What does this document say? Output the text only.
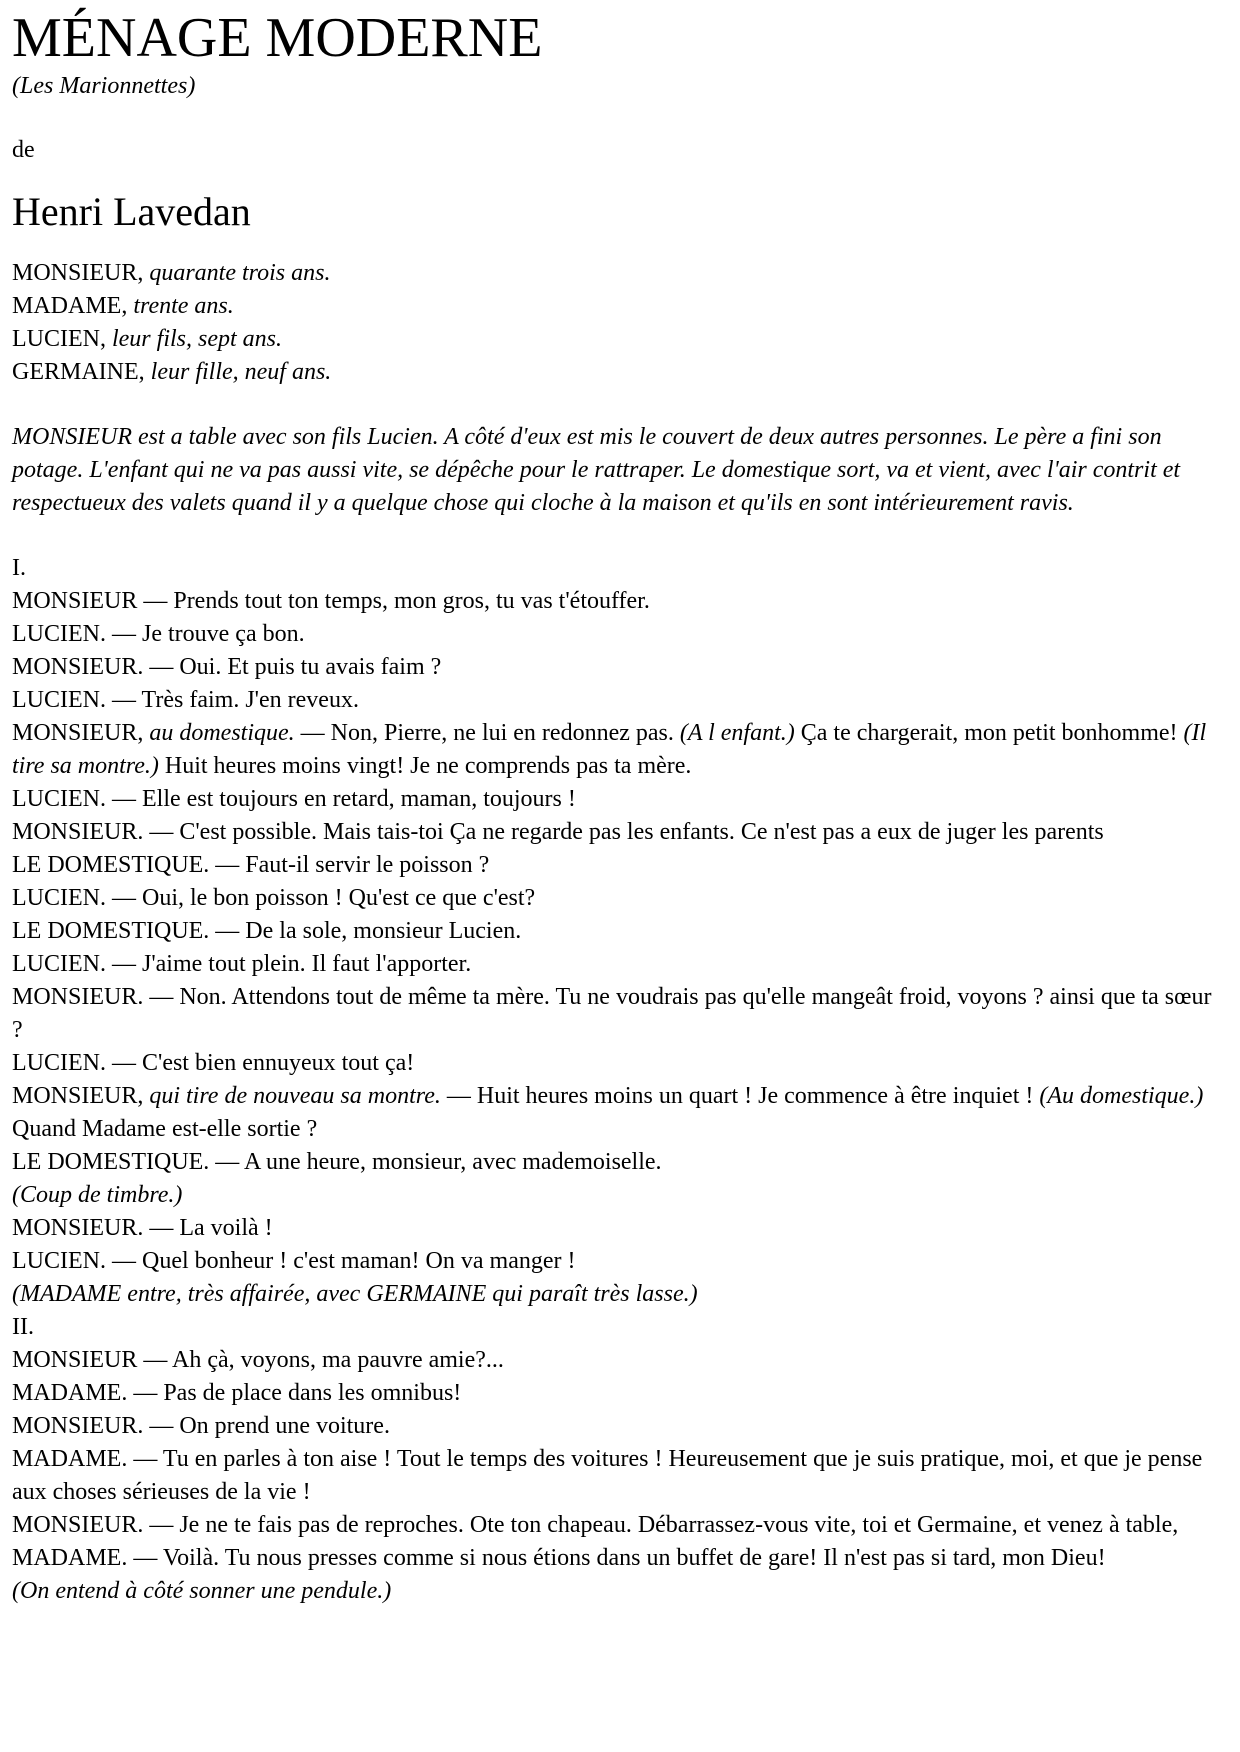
MÉNAGE MODERNE
(Les Marionnettes)
de
Henri Lavedan
MONSIEUR, quarante trois ans.
MADAME, trente ans.
LUCIEN, leur fils, sept ans.
GERMAINE, leur fille, neuf ans.
MONSIEUR est a table avec son fils Lucien. A côté d'eux est mis le couvert de deux autres personnes. Le père a fini son potage. L'enfant qui ne va pas aussi vite, se dépêche pour le rattraper. Le domestique sort, va et vient, avec l'air contrit et respectueux des valets quand il y a quelque chose qui cloche à la maison et qu'ils en sont intérieurement ravis.
I.
MONSIEUR — Prends tout ton temps, mon gros, tu vas t'étouffer.
LUCIEN. — Je trouve ça bon.
MONSIEUR. — Oui. Et puis tu avais faim ?
LUCIEN. — Très faim. J'en reveux.
MONSIEUR, au domestique. — Non, Pierre, ne lui en redonnez pas. (A l enfant.) Ça te chargerait, mon petit bonhomme! (Il tire sa montre.) Huit heures moins vingt! Je ne comprends pas ta mère.
LUCIEN. — Elle est toujours en retard, maman, toujours !
MONSIEUR. — C'est possible. Mais tais-toi Ça ne regarde pas les enfants. Ce n'est pas a eux de juger les parents
LE DOMESTIQUE. — Faut-il servir le poisson ?
LUCIEN. — Oui, le bon poisson ! Qu'est ce que c'est?
LE DOMESTIQUE. — De la sole, monsieur Lucien.
LUCIEN. — J'aime tout plein. Il faut l'apporter.
MONSIEUR. — Non. Attendons tout de même ta mère. Tu ne voudrais pas qu'elle mangeât froid, voyons ? ainsi que ta sœur ?
LUCIEN. — C'est bien ennuyeux tout ça!
MONSIEUR, qui tire de nouveau sa montre. — Huit heures moins un quart ! Je commence à être inquiet ! (Au domestique.) Quand Madame est-elle sortie ?
LE DOMESTIQUE. — A une heure, monsieur, avec mademoiselle.
(Coup de timbre.)
MONSIEUR. — La voilà !
LUCIEN. — Quel bonheur ! c'est maman! On va manger !
(MADAME entre, très affairée, avec GERMAINE qui paraît très lasse.)
II.
MONSIEUR — Ah çà, voyons, ma pauvre amie?...
MADAME. — Pas de place dans les omnibus!
MONSIEUR. — On prend une voiture.
MADAME. — Tu en parles à ton aise ! Tout le temps des voitures ! Heureusement que je suis pratique, moi, et que je pense aux choses sérieuses de la vie !
MONSIEUR. — Je ne te fais pas de reproches. Ote ton chapeau. Débarrassez-vous vite, toi et Germaine, et venez à table,
MADAME. — Voilà. Tu nous presses comme si nous étions dans un buffet de gare! Il n'est pas si tard, mon Dieu!
(On entend à côté sonner une pendule.)
